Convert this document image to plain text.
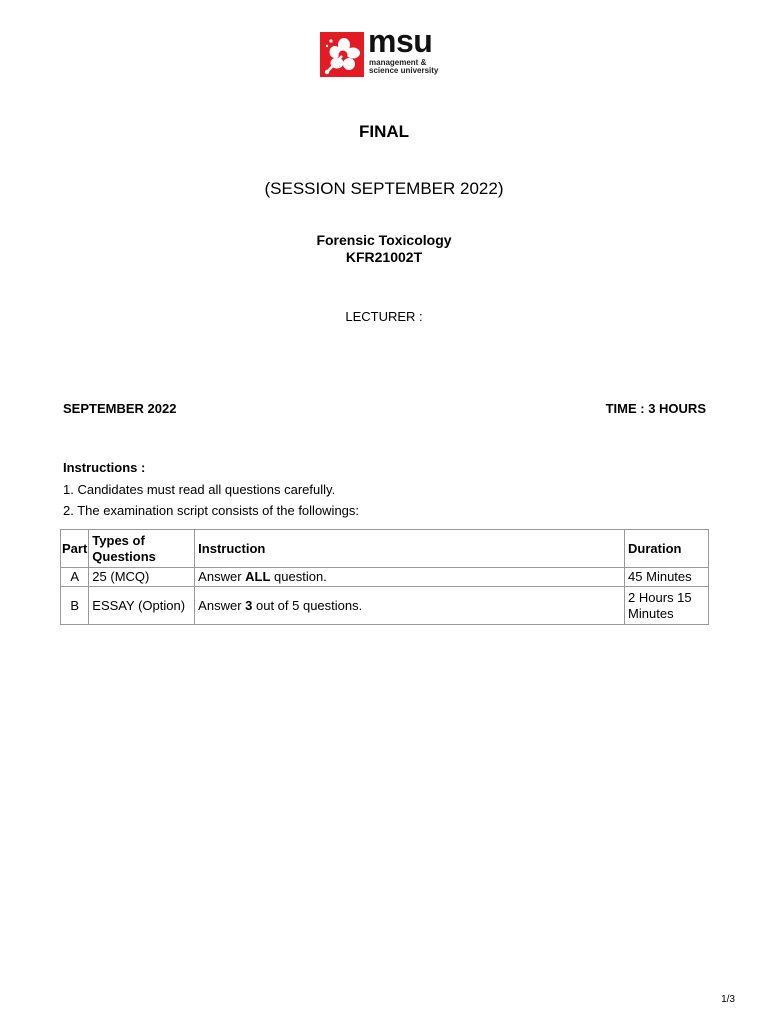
msu
management &
science university
FINAL
(SESSION SEPTEMBER 2022)
Forensic Toxicology
KFR21002T
LECTURER :
SEPTEMBER 2022	TIME : 3 HOURS
Instructions :
1. Candidates must read all questions carefully.
2. The examination script consists of the followings:
Part	Types of Questions	Instruction	Duration
A	25 (MCQ)	Answer ALL question.	45 Minutes
B	ESSAY (Option)	Answer 3 out of 5 questions.	2 Hours 15 Minutes
1/3
